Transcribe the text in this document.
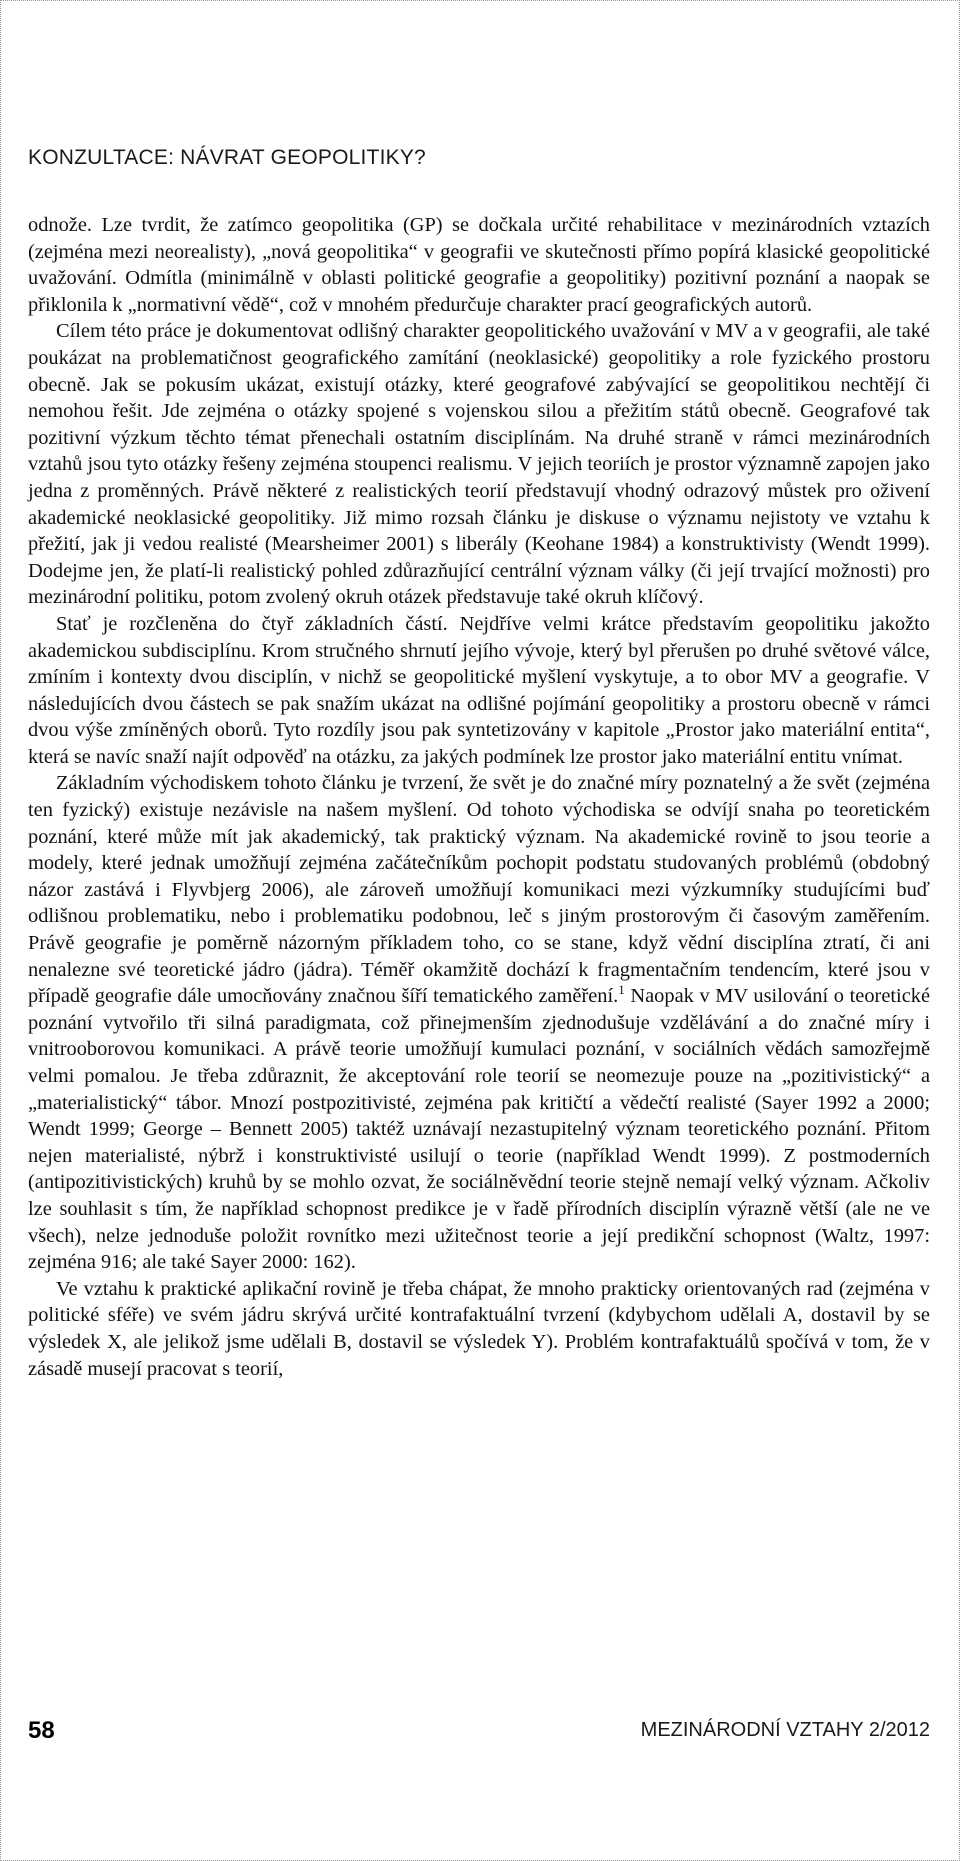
KONZULTACE: NÁVRAT GEOPOLITIKY?

odnože. Lze tvrdit, že zatímco geopolitika (GP) se dočkala určité rehabilitace v mezinárodních vztazích (zejména mezi neorealisty), „nová geopolitika“ v geografii ve skutečnosti přímo popírá klasické geopolitické uvažování. Odmítla (minimálně v oblasti politické geografie a geopolitiky) pozitivní poznání a naopak se přiklonila k „normativní vědě“, což v mnohém předurčuje charakter prací geografických autorů.

Cílem této práce je dokumentovat odlišný charakter geopolitického uvažování v MV a v geografii, ale také poukázat na problematičnost geografického zamítání (neoklasické) geopolitiky a role fyzického prostoru obecně. Jak se pokusím ukázat, existují otázky, které geografové zabývající se geopolitikou nechtějí či nemohou řešit. Jde zejména o otázky spojené s vojenskou silou a přežitím států obecně. Geografové tak pozitivní výzkum těchto témat přenechali ostatním disciplínám. Na druhé straně v rámci mezinárodních vztahů jsou tyto otázky řešeny zejména stoupenci realismu. V jejich teoriích je prostor významně zapojen jako jedna z proměnných. Právě některé z realistických teorií představují vhodný odrazový můstek pro oživení akademické neoklasické geopolitiky. Již mimo rozsah článku je diskuse o významu nejistoty ve vztahu k přežití, jak ji vedou realisté (Mearsheimer 2001) s liberály (Keohane 1984) a konstruktivisty (Wendt 1999). Dodejme jen, že platí-li realistický pohled zdůrazňující centrální význam války (či její trvající možnosti) pro mezinárodní politiku, potom zvolený okruh otázek představuje také okruh klíčový.

Stať je rozčleněna do čtyř základních částí. Nejdříve velmi krátce představím geopolitiku jakožto akademickou subdisciplínu. Krom stručného shrnutí jejího vývoje, který byl přerušen po druhé světové válce, zmíním i kontexty dvou disciplín, v nichž se geopolitické myšlení vyskytuje, a to obor MV a geografie. V následujících dvou částech se pak snažím ukázat na odlišné pojímání geopolitiky a prostoru obecně v rámci dvou výše zmíněných oborů. Tyto rozdíly jsou pak syntetizovány v kapitole „Prostor jako materiální entita“, která se navíc snaží najít odpověď na otázku, za jakých podmínek lze prostor jako materiální entitu vnímat.

Základním východiskem tohoto článku je tvrzení, že svět je do značné míry poznatelný a že svět (zejména ten fyzický) existuje nezávisle na našem myšlení. Od tohoto východiska se odvíjí snaha po teoretickém poznání, které může mít jak akademický, tak praktický význam. Na akademické rovině to jsou teorie a modely, které jednak umožňují zejména začátečníkům pochopit podstatu studovaných problémů (obdobný názor zastává i Flyvbjerg 2006), ale zároveň umožňují komunikaci mezi výzkumníky studujícími buď odlišnou problematiku, nebo i problematiku podobnou, leč s jiným prostorovým či časovým zaměřením. Právě geografie je poměrně názorným příkladem toho, co se stane, když vědní disciplína ztratí, či ani nenalezne své teoretické jádro (jádra). Téměř okamžitě dochází k fragmentačním tendencím, které jsou v případě geografie dále umocňovány značnou šíří tematického zaměření.$^1$ Naopak v MV usilování o teoretické poznání vytvořilo tři silná paradigmata, což přinejmenším zjednodušuje vzdělávání a do značné míry i vnitrooborovou komunikaci. A právě teorie umožňují kumulaci poznání, v sociálních vědách samozřejmě velmi pomalou. Je třeba zdůraznit, že akceptování role teorií se neomezuje pouze na „pozitivistický“ a „materialistický“ tábor. Mnozí postpozitivisté, zejména pak kritičtí a vědečtí realisté (Sayer 1992 a 2000; Wendt 1999; George – Bennett 2005) taktéž uznávají nezastupitelný význam teoretického poznání. Přitom nejen materialisté, nýbrž i konstruktivisté usilují o teorie (například Wendt 1999). Z postmoderních (antipozitivistických) kruhů by se mohlo ozvat, že sociálněvědní teorie stejně nemají velký význam. Ačkoliv lze souhlasit s tím, že například schopnost predikce je v řadě přírodních disciplín výrazně větší (ale ne ve všech), nelze jednoduše položit rovnítko mezi užitečnost teorie a její predikční schopnost (Waltz, 1997: zejména 916; ale také Sayer 2000: 162).

Ve vztahu k praktické aplikační rovině je třeba chápat, že mnoho prakticky orientovaných rad (zejména v politické sféře) ve svém jádru skrývá určité kontrafaktuální tvrzení (kdybychom udělali A, dostavil by se výsledek X, ale jelikož jsme udělali B, dostavil se výsledek Y). Problém kontrafaktuálů spočívá v tom, že v zásadě musejí pracovat s teorií,

58	MEZINÁRODNÍ VZTAHY 2/2012
